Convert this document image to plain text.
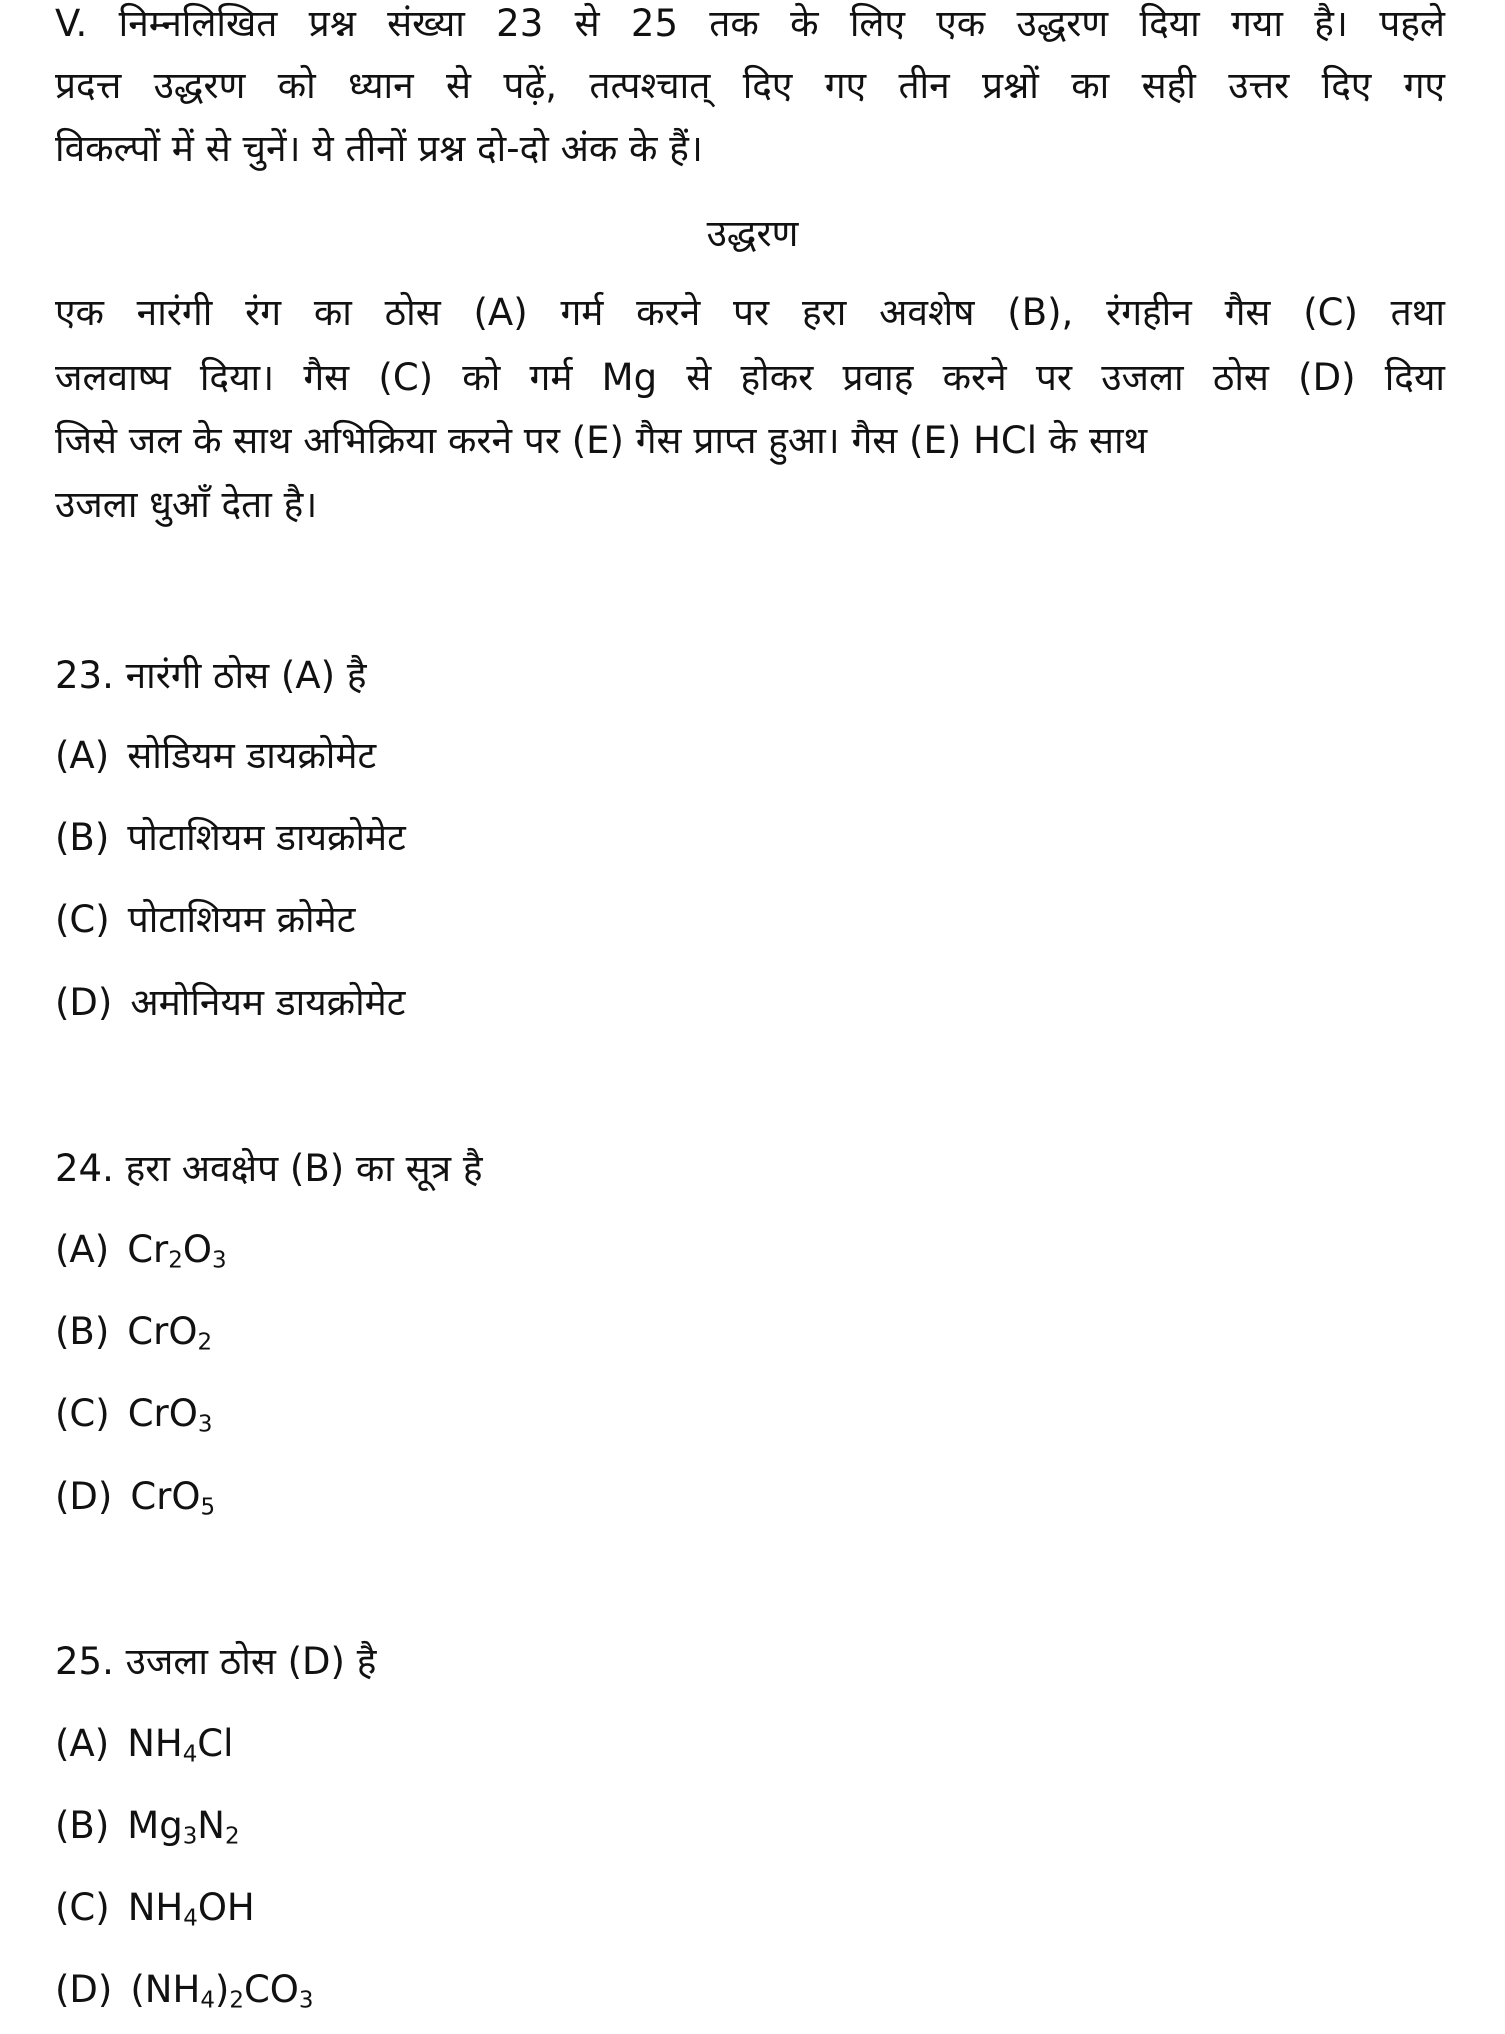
V. निम्नलिखित प्रश्न संख्या 23 से 25 तक के लिए एक उद्धरण दिया गया है। पहले
प्रदत्त उद्धरण को ध्यान से पढ़ें, तत्पश्चात् दिए गए तीन प्रश्नों का सही उत्तर दिए गए
विकल्पों में से चुनें। ये तीनों प्रश्न दो-दो अंक के हैं।
उद्धरण
एक नारंगी रंग का ठोस (A) गर्म करने पर हरा अवशेष (B), रंगहीन गैस (C) तथा
जलवाष्प दिया। गैस (C) को गर्म Mg से होकर प्रवाह करने पर उजला ठोस (D) दिया
जिसे जल के साथ अभिक्रिया करने पर (E) गैस प्राप्त हुआ। गैस (E) HCl के साथ
उजला धुआँ देता है।
23. नारंगी ठोस (A) है
(A) सोडियम डायक्रोमेट
(B) पोटाशियम डायक्रोमेट
(C) पोटाशियम क्रोमेट
(D) अमोनियम डायक्रोमेट
24. हरा अवक्षेप (B) का सूत्र है
(A) $Cr_2O_3$
(B) CrO$_2$
(C) CrO$_3$
(D) CrO$_5$
25. उजला ठोस (D) है
(A) $NH_4Cl$
(B) $Mg_3N_2$
(C) $NH_4OH$
(D) $(NH_4)_2CO_3$
